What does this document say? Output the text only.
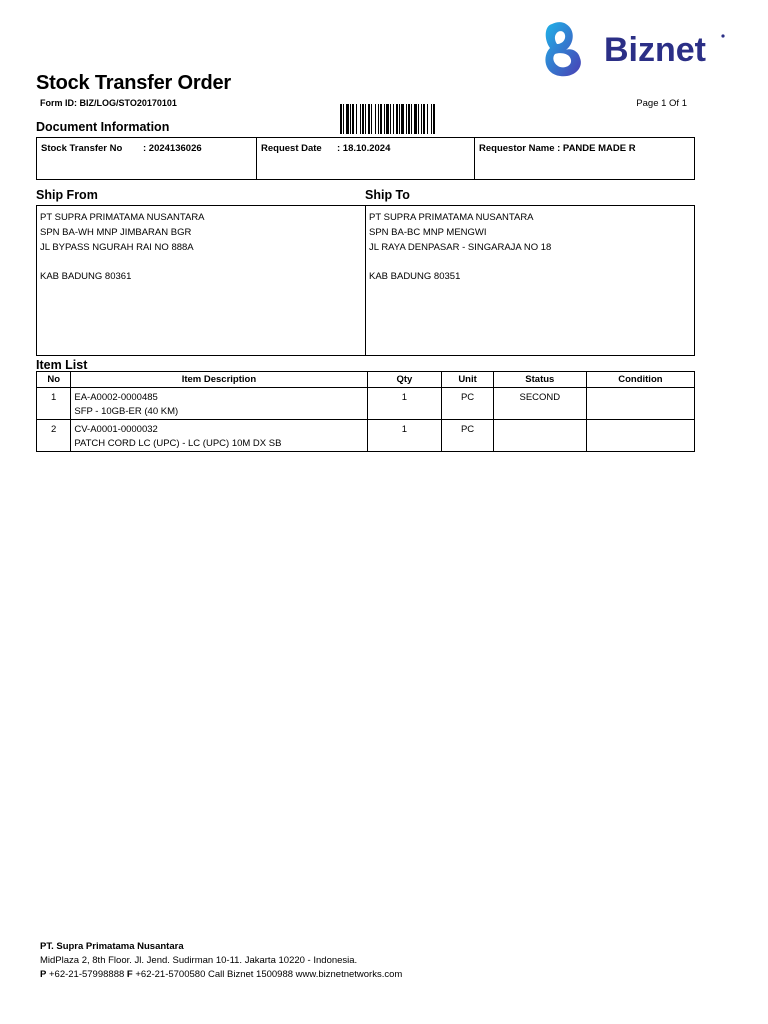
Biznet
Stock Transfer Order
Form ID: BIZ/LOG/STO20170101	Page 1 Of 1
Document Information
Stock Transfer No : 2024136026	Request Date : 18.10.2024	Requestor Name : PANDE MADE R
Ship From	Ship To
PT SUPRA PRIMATAMA NUSANTARA
SPN BA-WH MNP JIMBARAN BGR
JL BYPASS NGURAH RAI NO 888A
KAB BADUNG 80361
PT SUPRA PRIMATAMA NUSANTARA
SPN BA-BC MNP MENGWI
JL RAYA DENPASAR - SINGARAJA NO 18
KAB BADUNG 80351
Item List
No	Item Description	Qty	Unit	Status	Condition
1	EA-A0002-0000485
SFP - 10GB-ER (40 KM)	1	PC	SECOND	
2	CV-A0001-0000032
PATCH CORD LC (UPC) - LC (UPC) 10M DX SB	1	PC		
PT. Supra Primatama Nusantara
MidPlaza 2, 8th Floor. Jl. Jend. Sudirman 10-11. Jakarta 10220 - Indonesia.
P +62-21-57998888 F +62-21-5700580 Call Biznet 1500988 www.biznetnetworks.com
